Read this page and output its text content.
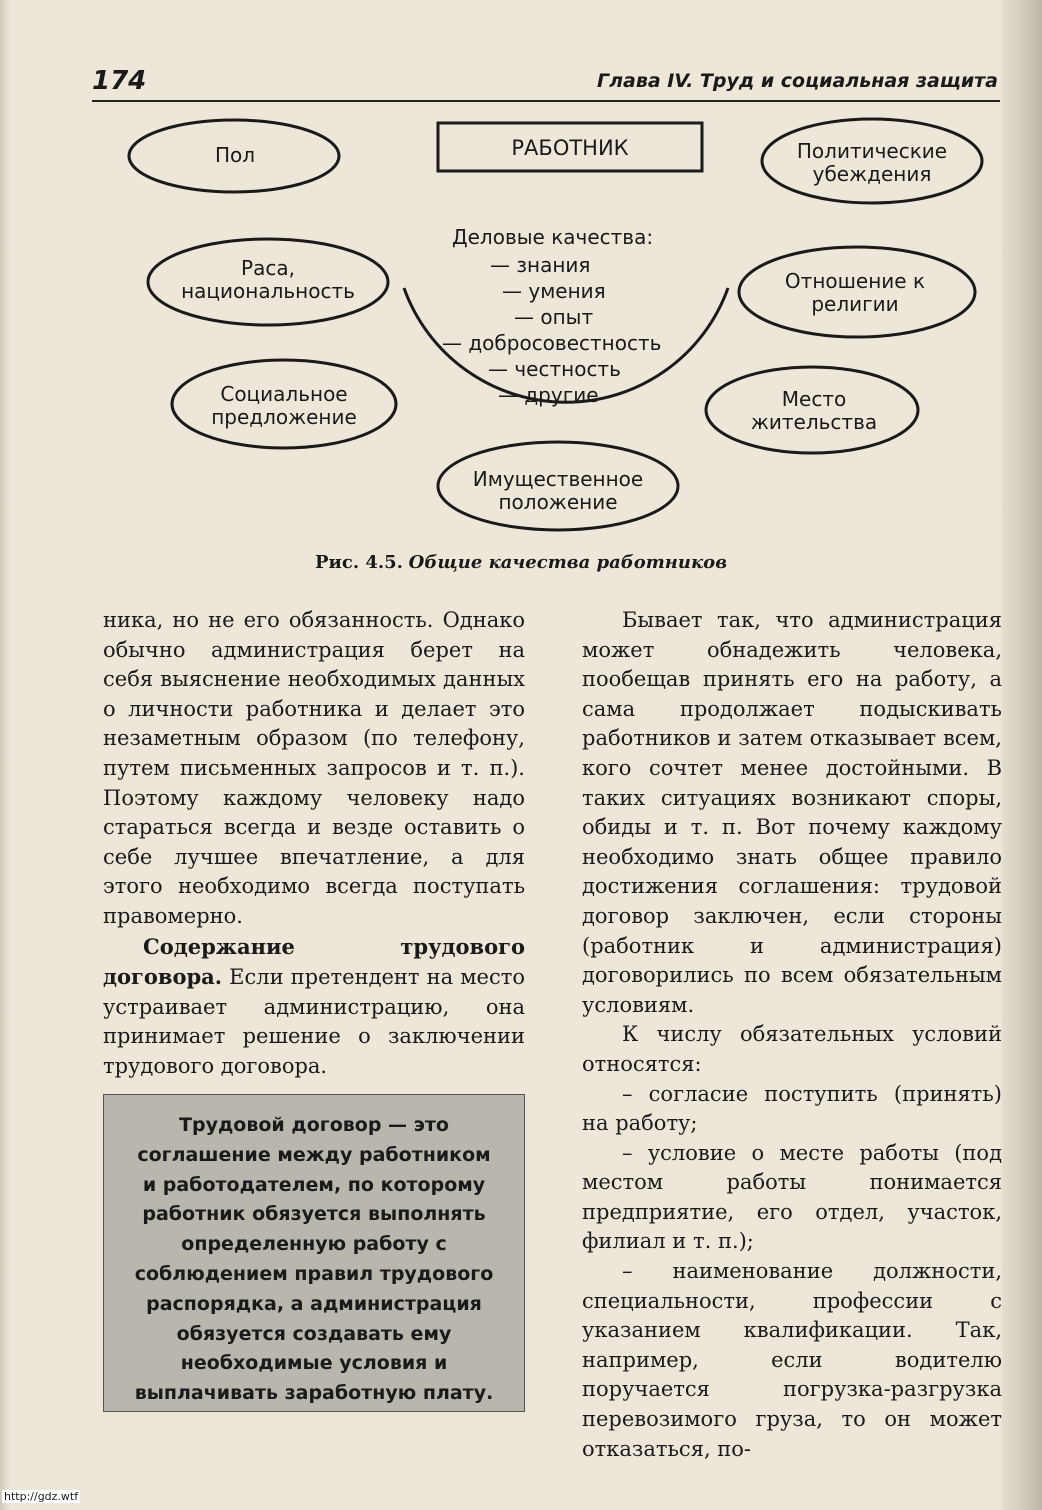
174	Глава IV. Труд и социальная защита
РАБОТНИК
Пол
Раса,
национальность
Социальное
предложение
Политические
убеждения
Отношение к
религии
Место
жительства
Имущественное
положение
Деловые качества:
— знания
— умения
— опыт
— добросовестность
— честность
— другие
Рис. 4.5. Общие качества работников

ника, но не его обязанность. Однако обычно администрация берет на себя выяснение необходимых данных о личности работника и делает это незаметным образом (по телефону, путем письменных запросов и т. п.). Поэтому каждому человеку надо стараться всегда и везде оставить о себе лучшее впечатление, а для этого необходимо всегда поступать правомерно.

Содержание трудового договора. Если претендент на место устраивает администрацию, она принимает решение о заключении трудового договора.

Трудовой договор — это
соглашение между работником
и работодателем, по которому
работник обязуется выполнять
определенную работу с
соблюдением правил трудового
распорядка, а администрация
обязуется создавать ему
необходимые условия и
выплачивать заработную плату.

Бывает так, что администрация может обнадежить человека, пообещав принять его на работу, а сама продолжает подыскивать работников и затем отказывает всем, кого сочтет менее достойными. В таких ситуациях возникают споры, обиды и т. п. Вот почему каждому необходимо знать общее правило достижения соглашения: трудовой договор заключен, если стороны (работник и администрация) договорились по всем обязательным условиям.

К числу обязательных условий относятся:

– согласие поступить (принять) на работу;

– условие о месте работы (под местом работы понимается предприятие, его отдел, участок, филиал и т. п.);

– наименование должности, специальности, профессии с указанием квалификации. Так, например, если водителю поручается погрузка-разгрузка перевозимого груза, то он может отказаться, по-

http://gdz.wtf
